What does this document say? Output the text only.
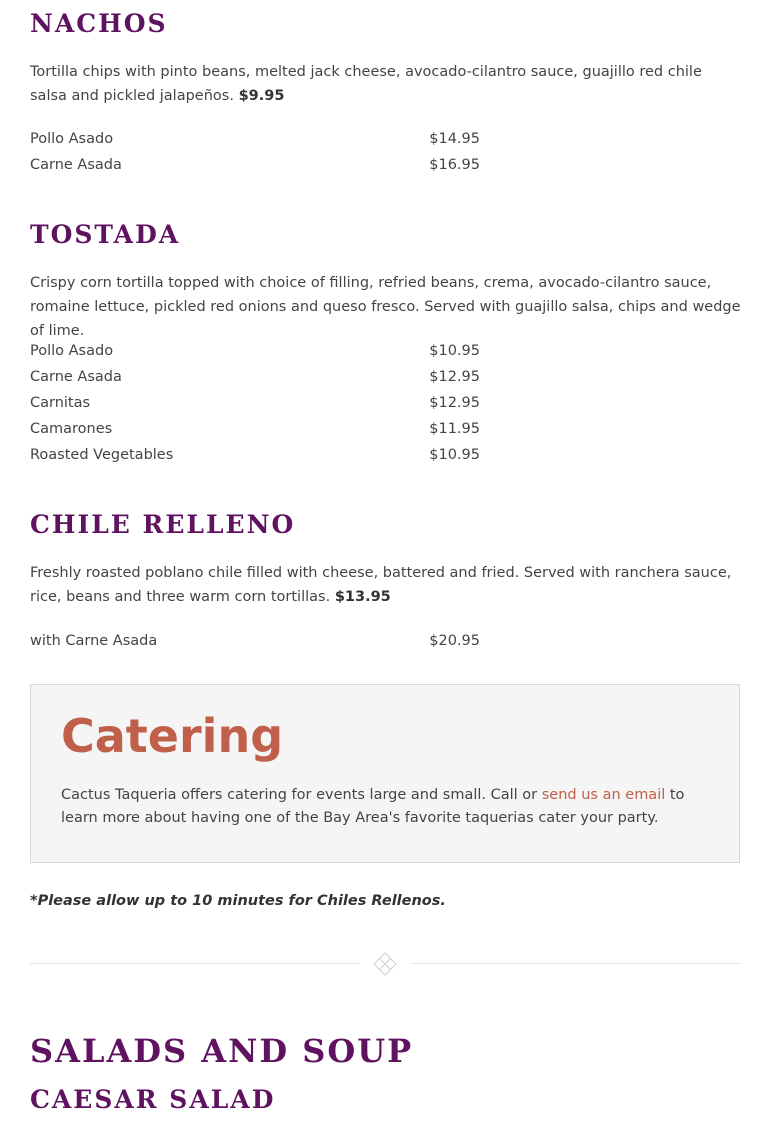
NACHOS

Tortilla chips with pinto beans, melted jack cheese, avocado-cilantro sauce, guajillo red chile salsa and pickled jalapeños. $9.95

Pollo Asado	$14.95
Carne Asada	$16.95
TOSTADA

Crispy corn tortilla topped with choice of filling, refried beans, crema, avocado-cilantro sauce, romaine lettuce, pickled red onions and queso fresco. Served with guajillo salsa, chips and wedge of lime.

Pollo Asado	$10.95
Carne Asada	$12.95
Carnitas	$12.95
Camarones	$11.95
Roasted Vegetables	$10.95
CHILE RELLENO

Freshly roasted poblano chile filled with cheese, battered and fried. Served with ranchera sauce, rice, beans and three warm corn tortillas. $13.95

with Carne Asada	$20.95
Catering

Cactus Taqueria offers catering for events large and small. Call or send us an email to learn more about having one of the Bay Area's favorite taquerias cater your party.

*Please allow up to 10 minutes for Chiles Rellenos.

SALADS AND SOUP
CAESAR SALAD
